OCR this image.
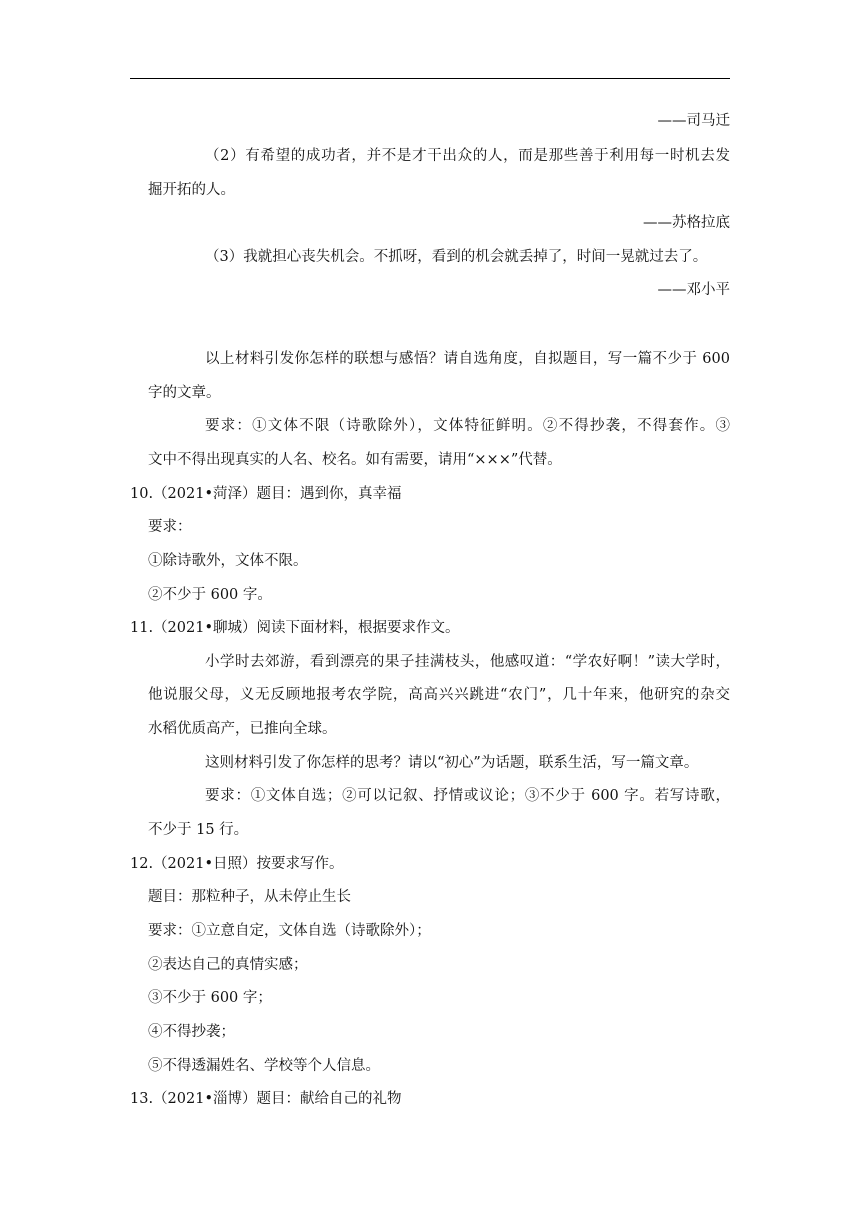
——司马迁
（2）有希望的成功者，并不是才干出众的人，而是那些善于利用每一时机去发
掘开拓的人。
——苏格拉底
（3）我就担心丧失机会。不抓呀，看到的机会就丢掉了，时间一晃就过去了。
——邓小平
以上材料引发你怎样的联想与感悟？请自选角度，自拟题目，写一篇不少于 600
字的文章。
要求：①文体不限（诗歌除外），文体特征鲜明。②不得抄袭，不得套作。③
文中不得出现真实的人名、校名。如有需要，请用“×××”代替。
10.（2021•菏泽）题目：遇到你，真幸福
要求：
①除诗歌外，文体不限。
②不少于 600 字。
11.（2021•聊城）阅读下面材料，根据要求作文。
小学时去郊游，看到漂亮的果子挂满枝头，他感叹道：“学农好啊！”读大学时，
他说服父母，义无反顾地报考农学院，高高兴兴跳进“农门”，几十年来，他研究的杂交
水稻优质高产，已推向全球。
这则材料引发了你怎样的思考？请以“初心”为话题，联系生活，写一篇文章。
要求：①文体自选；②可以记叙、抒情或议论；③不少于 600 字。若写诗歌，
不少于 15 行。
12.（2021•日照）按要求写作。
题目：那粒种子，从未停止生长
要求：①立意自定，文体自选（诗歌除外）；
②表达自己的真情实感；
③不少于 600 字；
④不得抄袭；
⑤不得透漏姓名、学校等个人信息。
13.（2021•淄博）题目：献给自己的礼物
